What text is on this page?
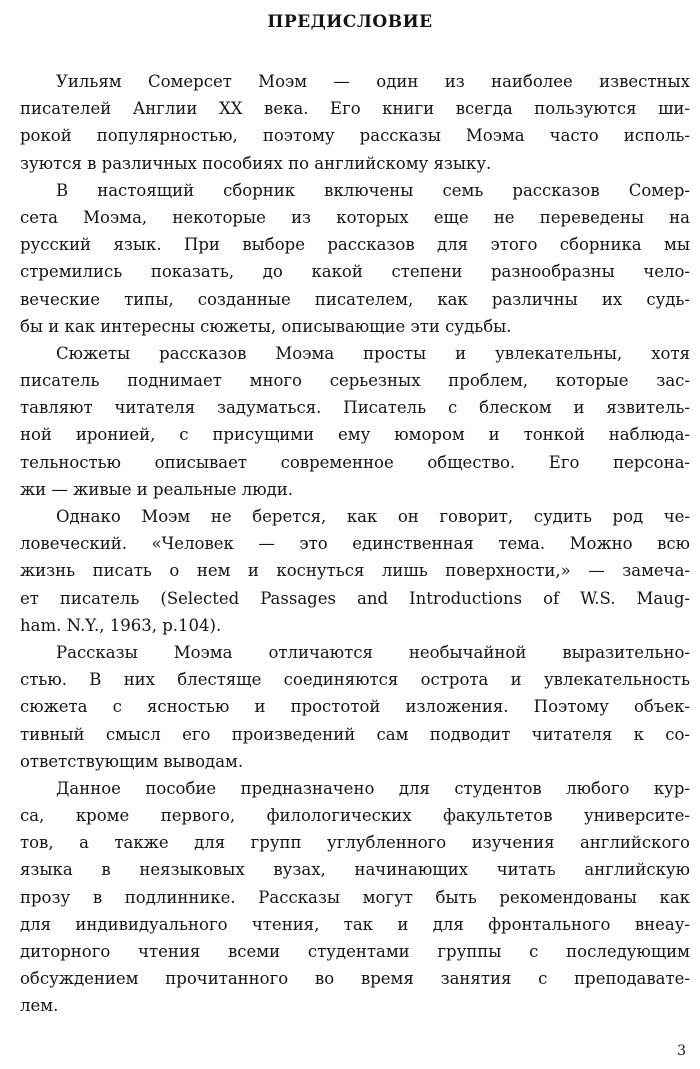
ПРЕДИСЛОВИЕ
Уильям Сомерсет Моэм — один из наиболее известных
писателей Англии XX века. Его книги всегда пользуются ши-
рокой популярностью, поэтому рассказы Моэма часто исполь-
зуются в различных пособиях по английскому языку.
В настоящий сборник включены семь рассказов Сомер-
сета Моэма, некоторые из которых еще не переведены на
русский язык. При выборе рассказов для этого сборника мы
стремились показать, до какой степени разнообразны чело-
веческие типы, созданные писателем, как различны их судь-
бы и как интересны сюжеты, описывающие эти судьбы.
Сюжеты рассказов Моэма просты и увлекательны, хотя
писатель поднимает много серьезных проблем, которые зас-
тавляют читателя задуматься. Писатель с блеском и язвитель-
ной иронией, с присущими ему юмором и тонкой наблюда-
тельностью описывает современное общество. Его персона-
жи — живые и реальные люди.
Однако Моэм не берется, как он говорит, судить род че-
ловеческий. «Человек — это единственная тема. Можно всю
жизнь писать о нем и коснуться лишь поверхности,» — замеча-
ет писатель (Selected Passages and Introductions of W.S. Maug-
ham. N.Y., 1963, p.104).
Рассказы Моэма отличаются необычайной выразительно-
стью. В них блестяще соединяются острота и увлекательность
сюжета с ясностью и простотой изложения. Поэтому объек-
тивный смысл его произведений сам подводит читателя к со-
ответствующим выводам.
Данное пособие предназначено для студентов любого кур-
са, кроме первого, филологических факультетов университе-
тов, а также для групп углубленного изучения английского
языка в неязыковых вузах, начинающих читать английскую
прозу в подлиннике. Рассказы могут быть рекомендованы как
для индивидуального чтения, так и для фронтального внеау-
диторного чтения всеми студентами группы с последующим
обсуждением прочитанного во время занятия с преподавате-
лем.
3
